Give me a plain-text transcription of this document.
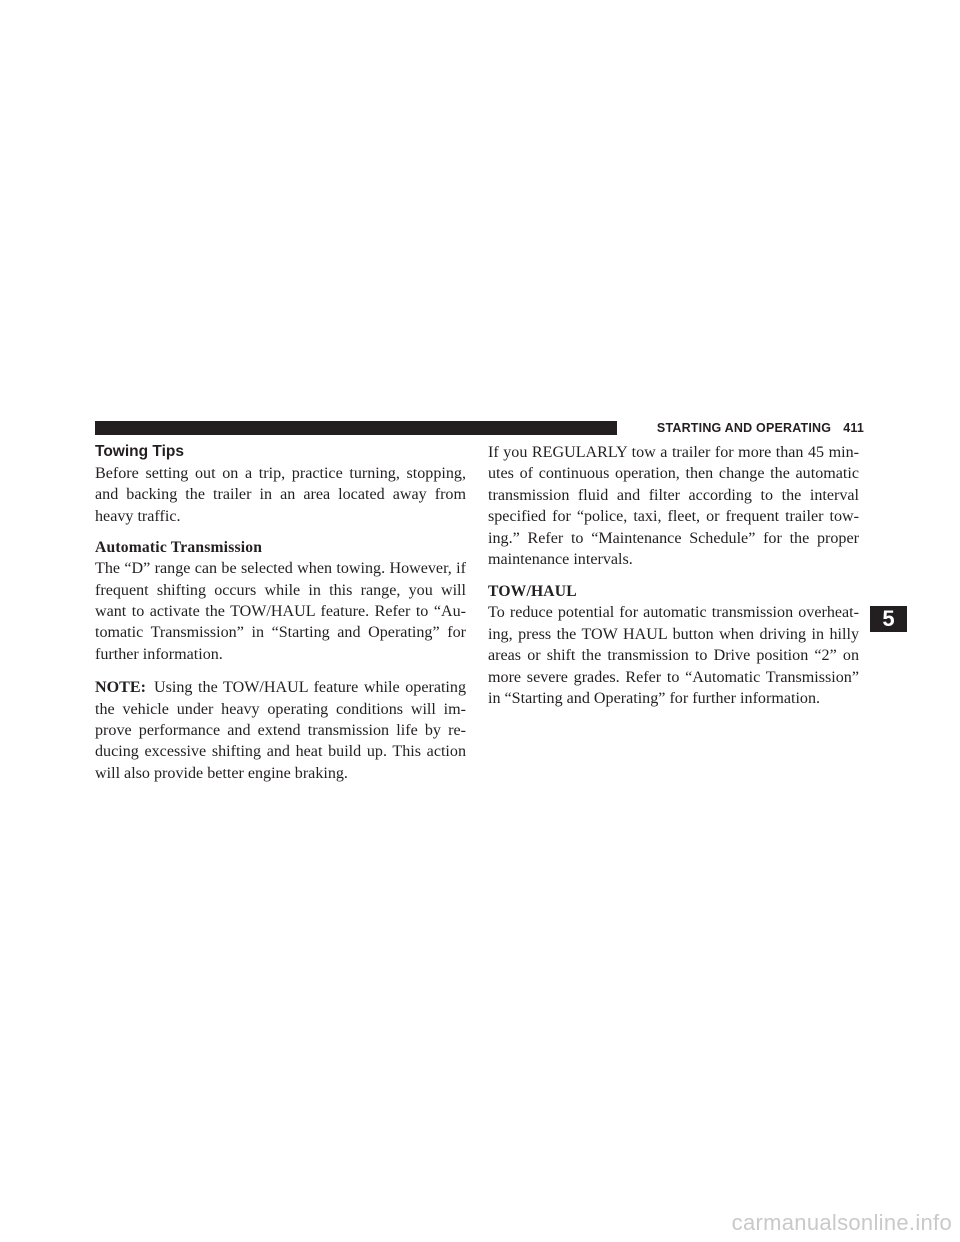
STARTING AND OPERATING 411
Towing Tips

Before setting out on a trip, practice turning, stopping, and backing the trailer in an area located away from heavy traffic.

Automatic Transmission

The “D” range can be selected when towing. However, if frequent shifting occurs while in this range, you will want to activate the TOW/HAUL feature. Refer to “Au-tomatic Transmission” in “Starting and Operating” for further information.

NOTE: Using the TOW/HAUL feature while operating the vehicle under heavy operating conditions will im-prove performance and extend transmission life by re-ducing excessive shifting and heat build up. This action will also provide better engine braking.

If you REGULARLY tow a trailer for more than 45 min-utes of continuous operation, then change the automatic transmission fluid and filter according to the interval specified for “police, taxi, fleet, or frequent trailer tow-ing.” Refer to “Maintenance Schedule” for the proper maintenance intervals.

TOW/HAUL

To reduce potential for automatic transmission overheat-ing, press the TOW HAUL button when driving in hilly areas or shift the transmission to Drive position “2” on more severe grades. Refer to “Automatic Transmission” in “Starting and Operating” for further information.

5
carmanualsonline.info
